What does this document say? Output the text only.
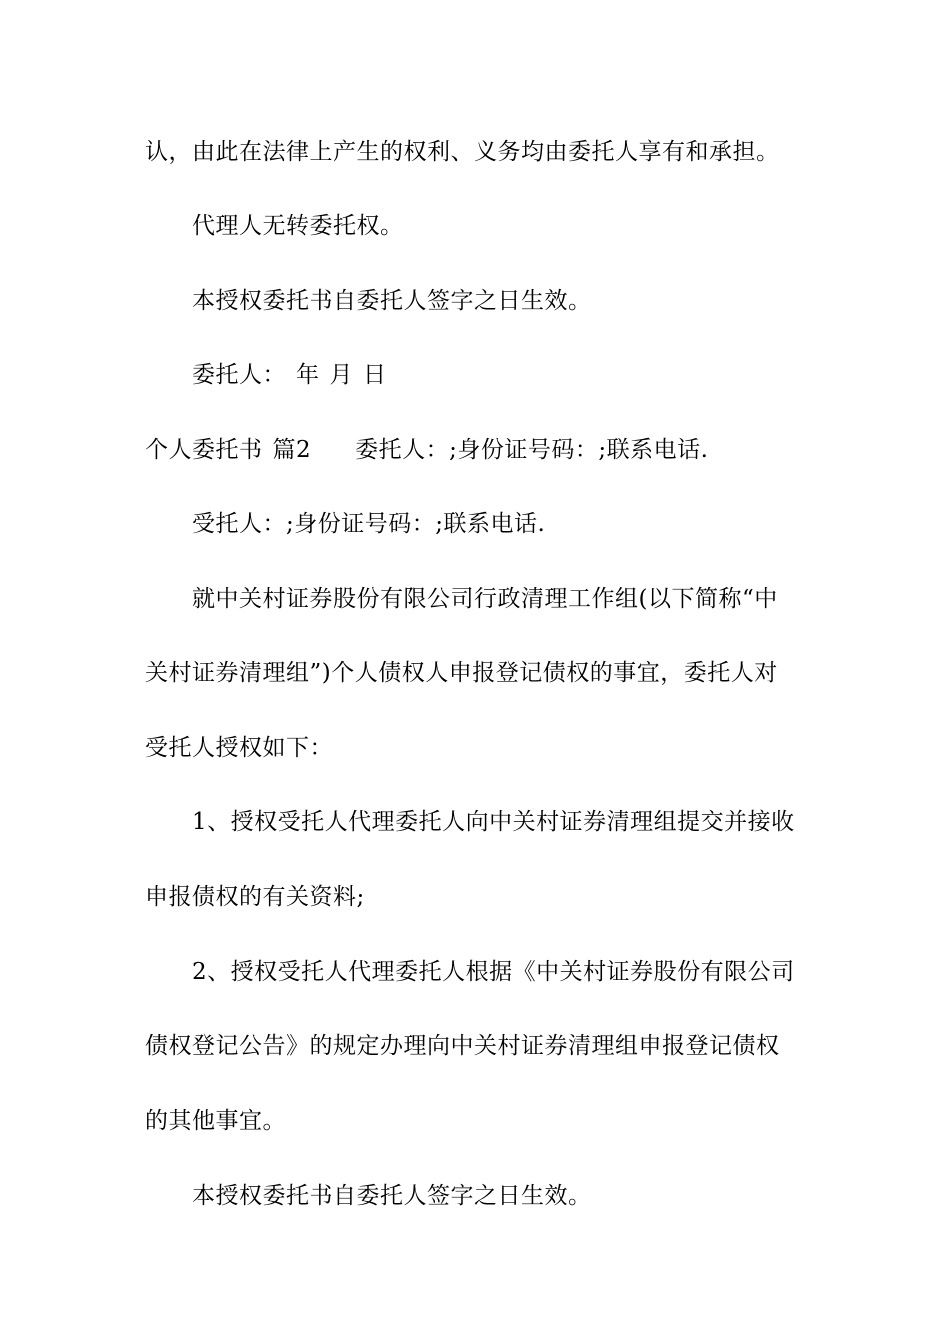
认，由此在法律上产生的权利、义务均由委托人享有和承担。
代理人无转委托权。
本授权委托书自委托人签字之日生效。
委托人： 年 月 日
个人委托书 篇2 委托人：;身份证号码：;联系电话.
受托人：;身份证号码：;联系电话.
就中关村证券股份有限公司行政清理工作组(以下简称“中
关村证券清理组”)个人债权人申报登记债权的事宜，委托人对
受托人授权如下：
1、授权受托人代理委托人向中关村证券清理组提交并接收
申报债权的有关资料;
2、授权受托人代理委托人根据《中关村证券股份有限公司
债权登记公告》的规定办理向中关村证券清理组申报登记债权
的其他事宜。
本授权委托书自委托人签字之日生效。
